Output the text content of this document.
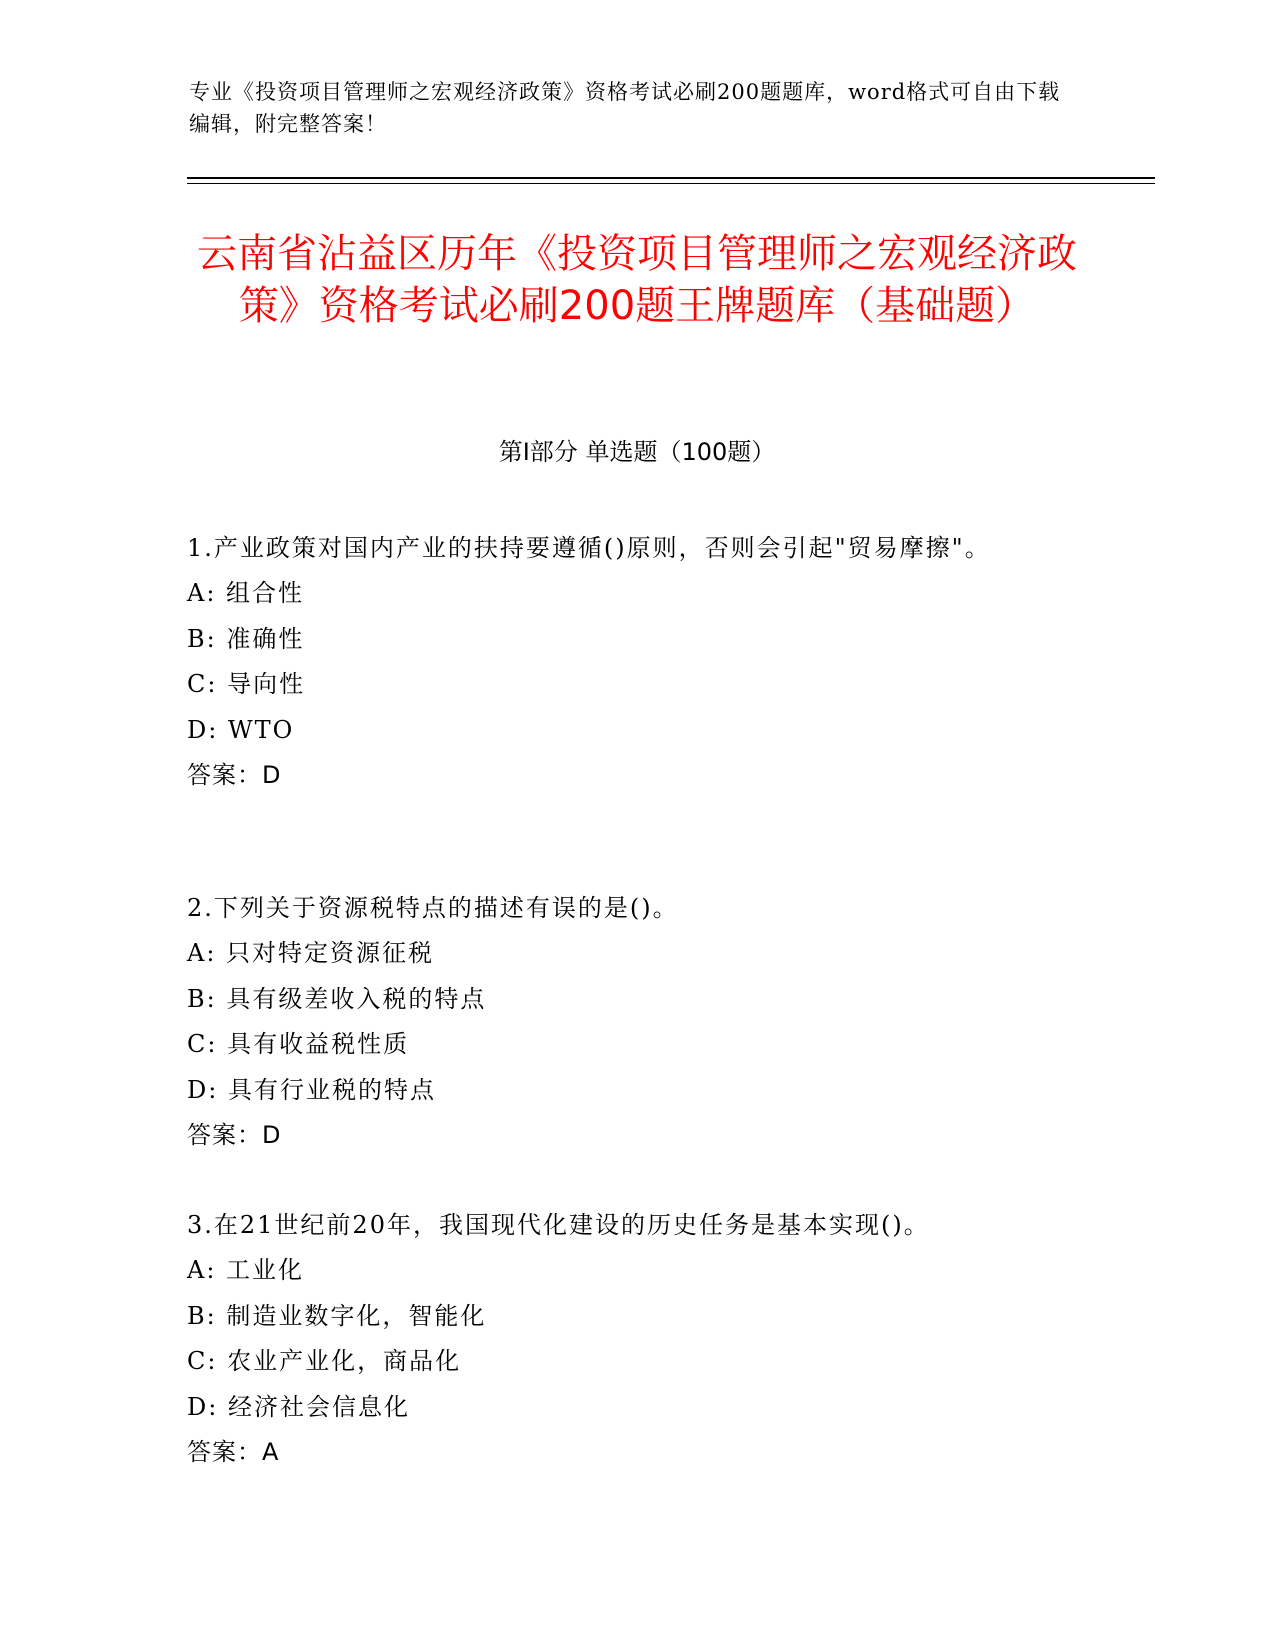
专业《投资项目管理师之宏观经济政策》资格考试必刷200题题库，word格式可自由下载编辑，附完整答案！
云南省沾益区历年《投资项目管理师之宏观经济政策》资格考试必刷200题王牌题库（基础题）
第I部分 单选题（100题）

1.产业政策对国内产业的扶持要遵循()原则，否则会引起"贸易摩擦"。

A: 组合性

B: 准确性

C: 导向性

D: WTO

答案：D

2.下列关于资源税特点的描述有误的是()。

A: 只对特定资源征税

B: 具有级差收入税的特点

C: 具有收益税性质

D: 具有行业税的特点

答案：D

3.在21世纪前20年，我国现代化建设的历史任务是基本实现()。

A: 工业化

B: 制造业数字化，智能化

C: 农业产业化，商品化

D: 经济社会信息化

答案：A
